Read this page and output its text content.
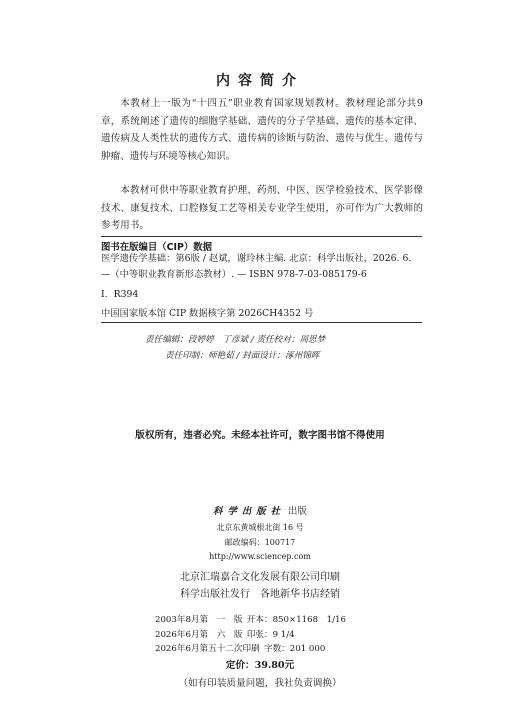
内容简介

本教材上一版为“十四五”职业教育国家规划教材。教材理论部分共9章，系统阐述了遗传的细胞学基础、遗传的分子学基础、遗传的基本定律、遗传病及人类性状的遗传方式、遗传病的诊断与防治、遗传与优生、遗传与肿瘤、遗传与环境等核心知识。

本教材可供中等职业教育护理、药剂、中医、医学检验技术、医学影像技术、康复技术、口腔修复工艺等相关专业学生使用，亦可作为广大教师的参考用书。

图书在版编目（CIP）数据

医学遗传学基础：第6版 / 赵斌，谢玲林主编. 北京：科学出版社，2026. 6. —（中等职业教育新形态教材）. — ISBN 978-7-03-085179-6

Ⅰ. R394
中国国家版本馆 CIP 数据核字第 2026CH4352 号
责任编辑：段婷婷　丁彦斌 / 责任校对：周思梦
责任印制：师艳茹 / 封面设计：涿州锦晖
版权所有，违者必究。未经本社许可，数字图书馆不得使用
科学出版社 出版
北京东黄城根北街 16 号
邮政编码：100717
http://www.sciencep.com
北京汇瑞嘉合文化发展有限公司印刷
科学出版社发行　各地新华书店经销
2003年8月第  一  版  开本：850×1168　1/16
2026年6月第  六  版  印张：9 1/4
2026年6月第五十二次印刷  字数：201 000
定价：39.80元
（如有印装质量问题，我社负责调换）
